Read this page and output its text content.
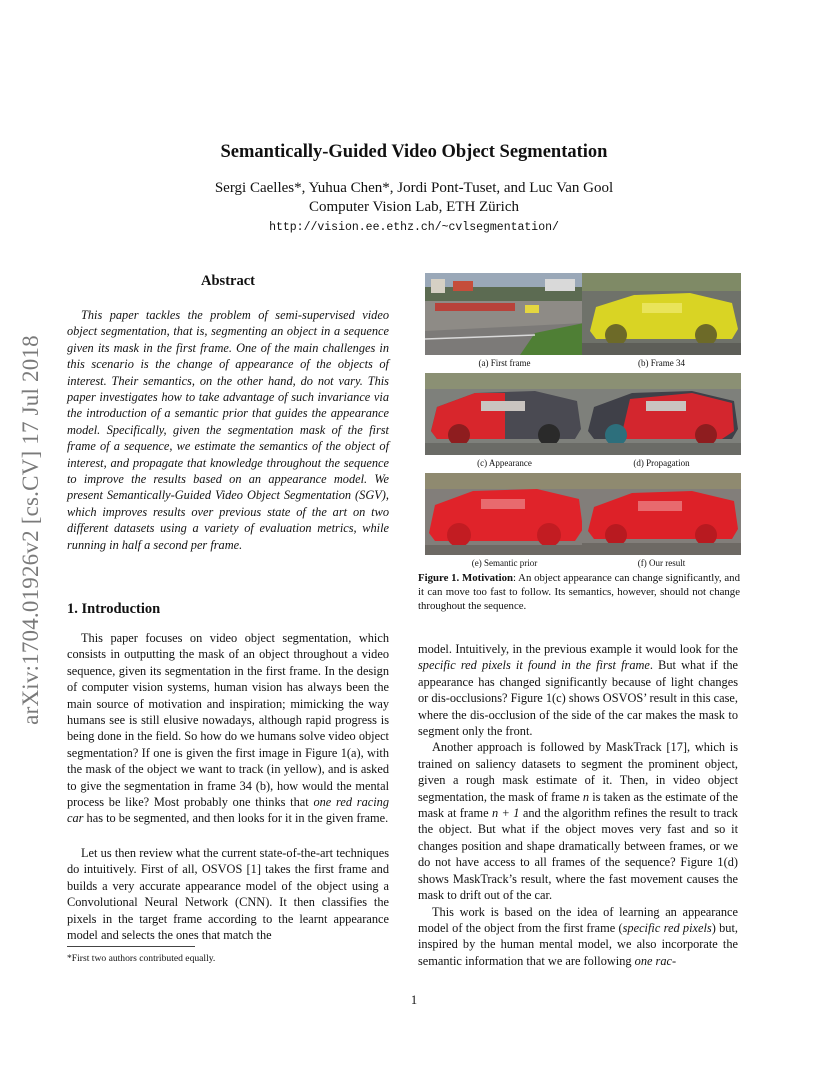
arXiv:1704.01926v2 [cs.CV] 17 Jul 2018
Semantically-Guided Video Object Segmentation
Sergi Caelles*, Yuhua Chen*, Jordi Pont-Tuset, and Luc Van Gool
Computer Vision Lab, ETH Zürich
http://vision.ee.ethz.ch/~cvlsegmentation/
Abstract

This paper tackles the problem of semi-supervised video object segmentation, that is, segmenting an object in a sequence given its mask in the first frame. One of the main challenges in this scenario is the change of appearance of the objects of interest. Their semantics, on the other hand, do not vary. This paper investigates how to take advantage of such invariance via the introduction of a semantic prior that guides the appearance model. Specifically, given the segmentation mask of the first frame of a sequence, we estimate the semantics of the object of interest, and propagate that knowledge throughout the sequence to improve the results based on an appearance model. We present Semantically-Guided Video Object Segmentation (SGV), which improves results over previous state of the art on two different datasets using a variety of evaluation metrics, while running in half a second per frame.

1. Introduction

This paper focuses on video object segmentation, which consists in outputting the mask of an object throughout a video sequence, given its segmentation in the first frame. In the design of computer vision systems, human vision has always been the main source of motivation and inspiration; mimicking the way humans see is still elusive nowadays, although rapid progress is being done in the field. So how do we humans solve video object segmentation? If one is given the first image in Figure 1(a), with the mask of the object we want to track (in yellow), and is asked to give the segmentation in frame 34 (b), how would the mental process be like? Most probably one thinks that one red racing car has to be segmented, and then looks for it in the given frame.

Let us then review what the current state-of-the-art techniques do intuitively. First of all, OSVOS [1] takes the first frame and builds a very accurate appearance model of the object using a Convolutional Neural Network (CNN). It then classifies the pixels in the target frame according to the learnt appearance model and selects the ones that match the

*First two authors contributed equally.

model. Intuitively, in the previous example it would look for the specific red pixels it found in the first frame. But what if the appearance has changed significantly because of light changes or dis-occlusions? Figure 1(c) shows OSVOS’ result in this case, where the dis-occlusion of the side of the car makes the mask to segment only the front.

Another approach is followed by MaskTrack [17], which is trained on saliency datasets to segment the prominent object, given a rough mask estimate of it. Then, in video object segmentation, the mask of frame n is taken as the estimate of the mask at frame n + 1 and the algorithm refines the result to track the object. But what if the object moves very fast and so it changes position and shape dramatically between frames, or we do not have access to all frames of the sequence? Figure 1(d) shows MaskTrack’s result, where the fast movement causes the mask to drift out of the car.

This work is based on the idea of learning an appearance model of the object from the first frame (specific red pixels) but, inspired by the human mental model, we also incorporate the semantic information that we are following one rac-

(a) First frame	(b) Frame 34
(c) Appearance	(d) Propagation
(e) Semantic prior	(f) Our result
Figure 1. Motivation: An object appearance can change significantly, and it can move too fast to follow. Its semantics, however, should not change throughout the sequence.
1
